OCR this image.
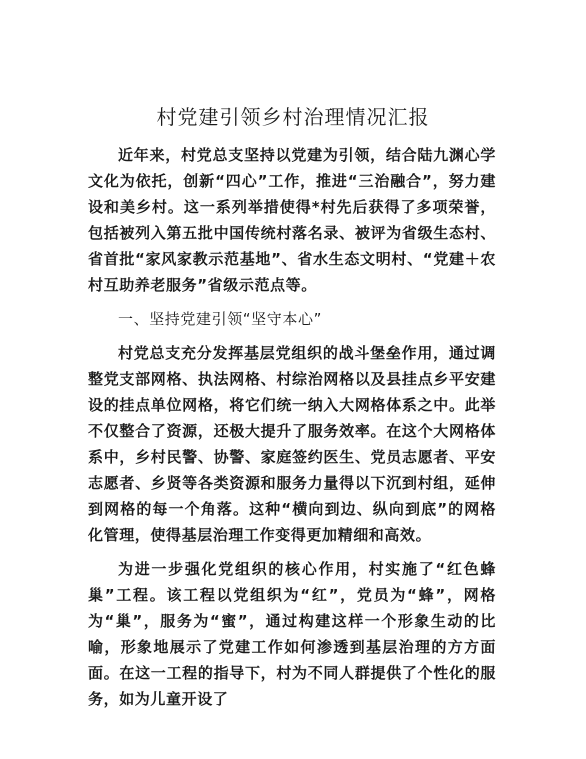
村党建引领乡村治理情况汇报

近年来，村党总支坚持以党建为引领，结合陆九渊心学文化为依托，创新“四心”工作，推进“三治融合”，努力建设和美乡村。这一系列举措使得*村先后获得了多项荣誉，包括被列入第五批中国传统村落名录、被评为省级生态村、省首批“家风家教示范基地”、省水生态文明村、“党建＋农村互助养老服务”省级示范点等。

一、坚持党建引领“坚守本心”

村党总支充分发挥基层党组织的战斗堡垒作用，通过调整党支部网格、执法网格、村综治网格以及县挂点乡平安建设的挂点单位网格，将它们统一纳入大网格体系之中。此举不仅整合了资源，还极大提升了服务效率。在这个大网格体系中，乡村民警、协警、家庭签约医生、党员志愿者、平安志愿者、乡贤等各类资源和服务力量得以下沉到村组，延伸到网格的每一个角落。这种“横向到边、纵向到底”的网格化管理，使得基层治理工作变得更加精细和高效。

为进一步强化党组织的核心作用，村实施了“红色蜂巢”工程。该工程以党组织为“红”，党员为“蜂”，网格为“巢”，服务为“蜜”，通过构建这样一个形象生动的比喻，形象地展示了党建工作如何渗透到基层治理的方方面面。在这一工程的指导下，村为不同人群提供了个性化的服务，如为儿童开设了
